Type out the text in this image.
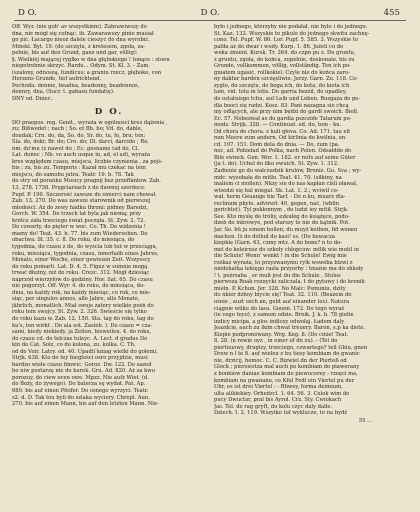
D O.	D O.	455
Off. Wyr. (nie gob' av wszystkiém). Zabrawiwszy do
dna, nie mógł się cofnąć. ib. Zawarawszy pinie musiał
go pić. Łacargo nieoż dalele cieszyć do dna wyrobić.
Miński. Byt. 19. (do szczętu, z kretesem, zgoła, za-
pełnie, bis auf den Grund, ganz und gar, völlig):
§. Wielkiéj mającej ryglko w dna głębokiego ! tonące : stoen
niepotrebnie skrzyć. Rardu... Odym. St. Kl. 3. - Zam.
(szalony, odnoszą, fundicus; a graniu rzecz, głęboko, von
Herzens Grunde, tief aufrichtend.
Pochoda: dennie, beadna, beadenny, beadennoś,
dennry, dna, (Sucr. t. gabasu fundatię).
DNY od. Dnieć.
D O.
DO praepos. reg. Genit., wyraża w ogólności kres dążenia ,
zu; Bißwedet ; nach ; So. et Bh. bo; Vd. do, dáble,
doudak; Crn. do, da, So. do, Sr. do, tu, fo, bru; ten;
Sla. do, doki; Br. do; Cro. do; Dl. darci, darcido ; Ro.
nm. do'mu (z nawet do ; Ec. gósname (ad do, Cl.
Lat. donec ; Nb. ve auch usque in, ad, el ad), wyraża
kres względem czasu, miejsca, liczbie czynienia , za pójś-
bis ; zu, bis zu. Temporis : Kazał mu czekać na tem
miejscu, do samobu jutra. Teatr. 19. b. 78. Tak
do stry od poranku Musicy pragnij bez przeffantow. Zab.
13. 278. 1758. Pręgciarzach z do dawnej szerdecz.
Pupf. P. 190. Szczerość zawsze do śmierci nam chował.
Zab. 13. 270. Do was zawsze starownik od pierwszej
młodości. Až do zewy hádku throni: pidney Baredzi,
Gorch. W. 354. Do trzech lat byla jak niemą; przy
krótce zała trzeciego świat poczęła. St. Zyw. 2. 72.
Do czwarty, do pięter w woc. Co. Th. Do widzenia !
mamy do! Teat. 43. b. 77. bis zum Wiedersehen. Do
obactwa. St. 35. c. 8. Do roku, do miesiąca, do
tygodnia, do czasu z de, do wyścia lub też w przeciągu,
roku, miesiąca, tygodnia, czasu, innerhalb eines Jahres,
Monats, einer Woche, einer gewissen Zeit. Wszysscy
do roku pomarli. Lat. D. 4. 5. Figuz w sumnie mogą
trwać dłużny, niż do roku. Crezc. 312. Mógł dziesiąc
naprzód wierzyłow do godziny. Hor. Sat. 65. Do czasu
nie pogorzył. Off. Wyr. 4. do roku, do miesiąca, do-
dnia, na każdy rok, na każdy miesiąc, co rok, co mie-
siąc, per singulos annos, alle Jahre, alle Monate,
jährlich, monatlich. Miał swoje zatery wielkie pośń do
roku tem swojcy. St. Zyw. 2. 326. Świeście się tylko
do roku kazu w. Zab. 12. 150. Sta. tag do roku, tag do
ku's, ten wirkt . Do ala est. Zasieb. ). Do czasu = cza-
sami, kiedy niekiedy. ja Zeiten, bisweilen. 4. do roku,
do czasu cd. do tełczas tuleyc. A. Lect. d gradus Do
kin do Cat. Solz, co do kolona, zu. kolka. C. Th.
od do Voir. Latry. od. 40. Upadil kniag wielki do gołemi.
Strjk. 638. Kto do tey bieglości ośro przyjdzie, musi
bardzo wiele czasu fimwić. Goroz. Dw. 122. Do sazed
bo niw postarzę nie do kurek. Gru. Ad. 820. Až za kwu
porozuy, do ciew ocen owe. Mpzz. Nie aufz Wiet. (d.
do Boży, do żywego). Do baterza sę wydał. Pat. Ap.
680. bis auf einen Pfeifer. Do ośnego wyrzyci. Teatr.
s2. d. D. Tak tou byli do szlaka wyciery. Chrepl. Aun.
270. bis auf einen Mann, bis auf den letzten Mann. Nie-
było i jednego, którzyby nie podałał, nie było i do jednego.
St. Kaz. 132. Wszyskie to pikule do jednego skwitu zachnę-
cono. Tel. Pupf. W. 86. Lor. Pupf. 5. 585. 3. Wszyskie to
paliła aż do dwar i wody. Kurp. 1. 86. Jeżeli co do
woka zmieni. Kursk. Tr. 264. do czpn pu z. Do gruntu,
z gruntu, zgoła, do końca, zupełnie, doskonale, bis zu
Grunde, vollkommen, völlig, vollständig. Ten ich po-
gniatem ugasić, rollkokiel. Czyle nie do końca zaro-
ny daktur barden szczęśliwie. Jerzy. Garn. Zo. 118. Ce-
zyglo, do szczętu, do boga ich, do kota, do kieta ich
tam, vid. tota in lotis. Do garria bezzil, do upadley,
do ostatnisgo tchu, auf Leib und Leben. Rozgaza do pe-
dla hooci się radzi. Kosz. 83. Pani nazagna sie chcą
my odlących, ale przy nim będzi do gardł swoich. Biełl.
Ec. 57. Nobezwał as do gardla pszczółe Tatarum po-
modz. Strijk. 328. — Continuat. ed. do, tem - ku.
Od chora do chora. z kuli głova. Co. Ad. 171. tau elt
nun Meere zum andern. Od kirlinia do kwilnia, en
cd. 197. 151. Dom dela do dnia. — Do, zum (pa.
noc, ad. Pobieład do Polka, nach Polen. Odsałddo do
Bile swinck. Gen. Wor. 1. 182. er reifs auf seine Güter
(ja t. do). Uchel do ilko ewuich. St. Zyw. 1. 312.
Zadienie go do wałczudzik krulów, Broniz. Gu. Sva ; wy-
mdc: wysobała do mitło. Teat. 41. 70. (siłkiny, na
maliem ci mollen). Nkzy sie do nas kapłan ciśli oławał,
wtsedzi się hal miegal. Sk. Lat. 1. 2.; wciwił co-
wał, herm Geuange bie Tarf. - Do n ku, muarz dla-
reclinum phylo. advirerł. 40, gegen, nač, (wblin
gerichtet). Tyl pokłonnym , do ludzi iey mitił. Strjk.
See. Kto myślę do troliy, ezkułeg do książęce, podo-
dzeń do mkrowyé, pod starszy to nie do kątnik. Pot.
Jar. So. bū ju einem hollen, du muyż kothen, fid wenen
macken. Iš do dollud do kasi! ss. (Do bewacza
kiepkię (Garn. 63, czmy mtz. A do bone? n to do-
mel do koleirusz do szkoły chłopców: milik wie mutil in
die Schule! Wenn' wenkt ! in die Schule! Ewig mie
rożkaz wyraża, to przyzwanymu rylk wsweba bizwi z
niedokatka tekięgo razla przyorby : tmanie ma do shkoły
! t. pożrzaba , er muß jest du die Schule , Stolos
pierwsza Roak rozuycki zaliczala, t do pytuwy i do kronik
mieln. P. Kchun. Jer. 328. No Malc: Psmuniu, dzity
do nkier dzhoy biycie się! Teat. 32. 110. (Beazein do
ośnie , auzt ozch an, gebt auf einander los). Natura
ciągnie wilku do lasu. Gouon. 172. Do tego wyraź
(ie vego teyo), z samem odzie. Broik. J. k. b. 78 gietie
indicy micipa, a glos indicey odwołaj. Ładem daly
Jeazdcie, auch zu ikim chwat treuery. Baron, s.p ka diete.
Kiepie podpronówany. Wrg. Keg. 8. (Do cinie! Teat.
8. 28. (n rewie oyz , in einer of dn zu). - (Tel do
piertuuowy, drugizy, trzeciego, czwartego? tell Ghiu, gnen
Drew n l te 8. auf wieleu z bu tiesy kombiam do gwanic
nie, drzicij, bemoc. C. C. Bizwiel dn der Pierteß od
Glock ; piersiestza mal auch po kombiam do piawerany
z bonkiew daniae kombiam do piewucerey - rzeęci ma,
kombiam na gwananu, ce Kfel Fedi ein Viertel pu der
Uhr, es ist drei Viertel : - Rbwey, forma deimium,
ulta alikiekiey. Orhedzcl. 1. 64. 56. 3. Celok wim do
pucy Dwuctar, pral bis Ayrol. Crz. Sty. Ćwiokach
Jas. Tel. do rag gryft, do kolu czyc daly dalle.
Dziech. I. 2. 119. Wszyiko tof wyklucze, to na bydź
55 ...
